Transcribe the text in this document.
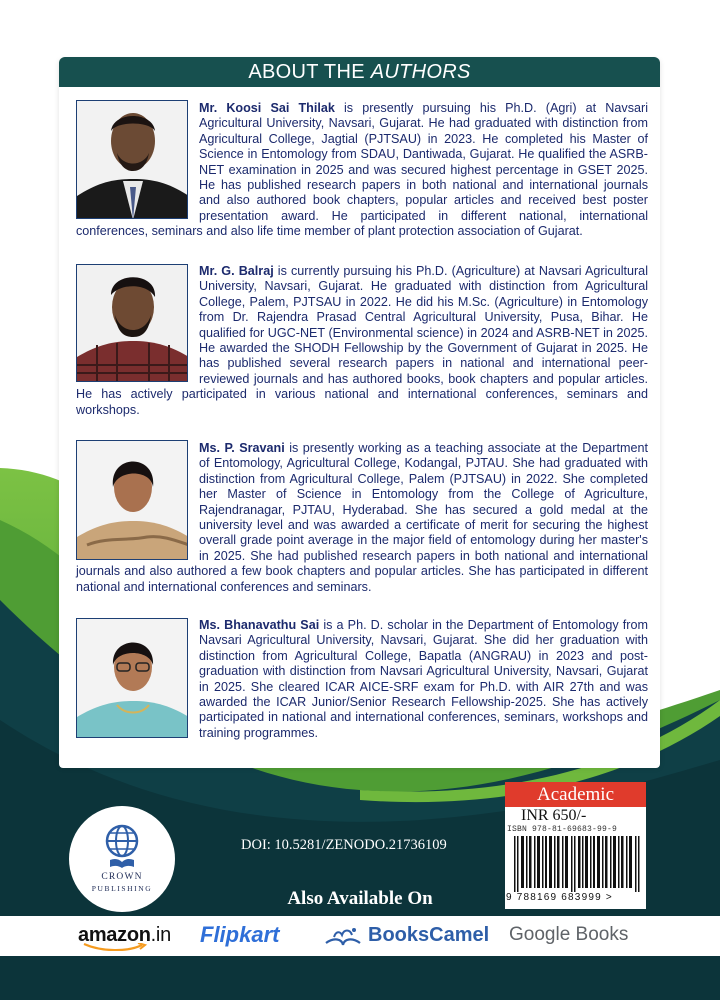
ABOUT THE AUTHORS
Mr. Koosi Sai Thilak is presently pursuing his Ph.D. (Agri) at Navsari Agricultural University, Navsari, Gujarat. He had graduated with distinction from Agricultural College, Jagtial (PJTSAU) in 2023. He completed his Master of Science in Entomology from SDAU, Dantiwada, Gujarat. He qualified the ASRB-NET examination in 2025 and was secured highest percentage in GSET 2025. He has published research papers in both national and international journals and also authored book chapters, popular articles and received best poster presentation award. He participated in different national, international conferences, seminars and also life time member of plant protection association of Gujarat.
Mr. G. Balraj is currently pursuing his Ph.D. (Agriculture) at Navsari Agricultural University, Navsari, Gujarat. He graduated with distinction from Agricultural College, Palem, PJTSAU in 2022. He did his M.Sc. (Agriculture) in Entomology from Dr. Rajendra Prasad Central Agricultural University, Pusa, Bihar. He qualified for UGC-NET (Environmental science) in 2024 and ASRB-NET in 2025. He awarded the SHODH Fellowship by the Government of Gujarat in 2025. He has published several research papers in national and international peer-reviewed journals and has authored books, book chapters and popular articles. He has actively participated in various national and international conferences, seminars and workshops.
Ms. P. Sravani is presently working as a teaching associate at the Department of Entomology, Agricultural College, Kodangal, PJTAU. She had graduated with distinction from Agricultural College, Palem (PJTSAU) in 2022. She completed her Master of Science in Entomology from the College of Agriculture, Rajendranagar, PJTAU, Hyderabad. She has secured a gold medal at the university level and was awarded a certificate of merit for securing the highest overall grade point average in the major field of entomology during her master's in 2025. She had published research papers in both national and international journals and also authored a few book chapters and popular articles. She has participated in different national and international conferences and seminars.
Ms. Bhanavathu Sai is a Ph. D. scholar in the Department of Entomology from Navsari Agricultural University, Navsari, Gujarat. She did her graduation with distinction from Agricultural College, Bapatla (ANGRAU) in 2023 and post-graduation with distinction from Navsari Agricultural University, Navsari, Gujarat in 2025. She cleared ICAR AICE-SRF exam for Ph.D. with AIR 27th and was awarded the ICAR Junior/Senior Research Fellowship-2025. She has actively participated in national and international conferences, seminars, workshops and training programmes.
CROWN
PUBLISHING
DOI: 10.5281/ZENODO.21736109
Academic
INR 650/-
ISBN 978-81-69683-99-9
9 788169 683999 >
Also Available On
amazon.in Flipkart	BooksCamel Google Books
